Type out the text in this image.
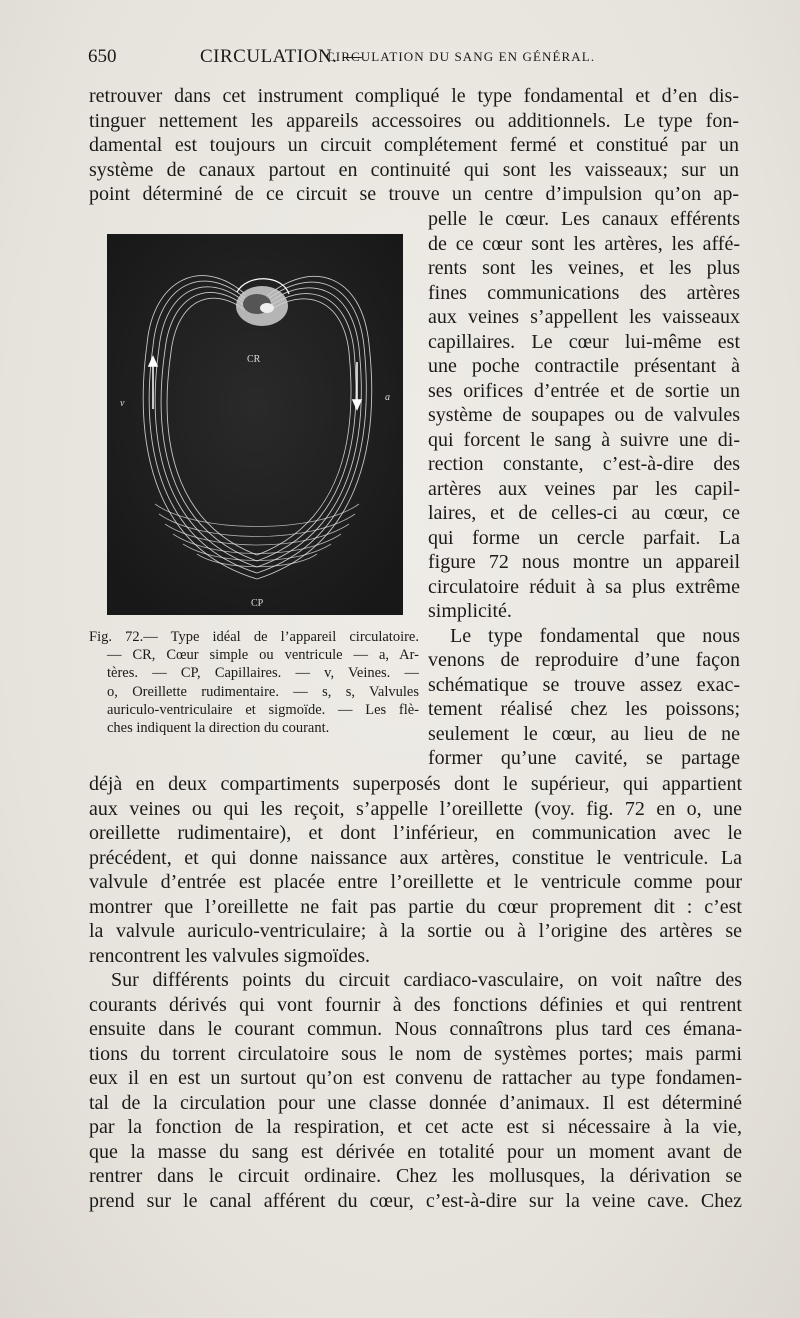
650	CIRCULATION. —
CIRCULATION DU SANG EN GÉNÉRAL.
retrouver dans cet instrument compliqué le type fondamental et d’en dis-
tinguer nettement les appareils accessoires ou additionnels. Le type fon-
damental est toujours un circuit complétement fermé et constitué par un
système de canaux partout en continuité qui sont les vaisseaux; sur un
point déterminé de ce circuit se trouve un centre d’impulsion qu’on ap-
pelle le cœur. Les canaux efférents
de ce cœur sont les artères, les affé-
rents sont les veines, et les plus
fines communications des artères
aux veines s’appellent les vaisseaux
capillaires. Le cœur lui-même est
une poche contractile présentant à
ses orifices d’entrée et de sortie un
système de soupapes ou de valvules
qui forcent le sang à suivre une di-
rection constante, c’est-à-dire des
artères aux veines par les capil-
laires, et de celles-ci au cœur, ce
qui forme un cercle parfait. La
figure 72 nous montre un appareil
circulatoire réduit à sa plus extrême
simplicité.
Le type fondamental que nous
venons de reproduire d’une façon
schématique se trouve assez exac-
tement réalisé chez les poissons;
seulement le cœur, au lieu de ne
former qu’une cavité, se partage
CR
a
v
CP
Fig. 72.— Type idéal de l’appareil circulatoire.
— CR, Cœur simple ou ventricule — a, Ar-
tères. — CP, Capillaires. — v, Veines. —
o, Oreillette rudimentaire. — s, s, Valvules
auriculo-ventriculaire et sigmoïde. — Les flè-
ches indiquent la direction du courant.
déjà en deux compartiments superposés dont le supérieur, qui appartient
aux veines ou qui les reçoit, s’appelle l’oreillette (voy. fig. 72 en o, une
oreillette rudimentaire), et dont l’inférieur, en communication avec le
précédent, et qui donne naissance aux artères, constitue le ventricule. La
valvule d’entrée est placée entre l’oreillette et le ventricule comme pour
montrer que l’oreillette ne fait pas partie du cœur proprement dit : c’est
la valvule auriculo-ventriculaire; à la sortie ou à l’origine des artères se
rencontrent les valvules sigmoïdes.
Sur différents points du circuit cardiaco-vasculaire, on voit naître des
courants dérivés qui vont fournir à des fonctions définies et qui rentrent
ensuite dans le courant commun. Nous connaîtrons plus tard ces émana-
tions du torrent circulatoire sous le nom de systèmes portes; mais parmi
eux il en est un surtout qu’on est convenu de rattacher au type fondamen-
tal de la circulation pour une classe donnée d’animaux. Il est déterminé
par la fonction de la respiration, et cet acte est si nécessaire à la vie,
que la masse du sang est dérivée en totalité pour un moment avant de
rentrer dans le circuit ordinaire. Chez les mollusques, la dérivation se
prend sur le canal afférent du cœur, c’est-à-dire sur la veine cave. Chez
